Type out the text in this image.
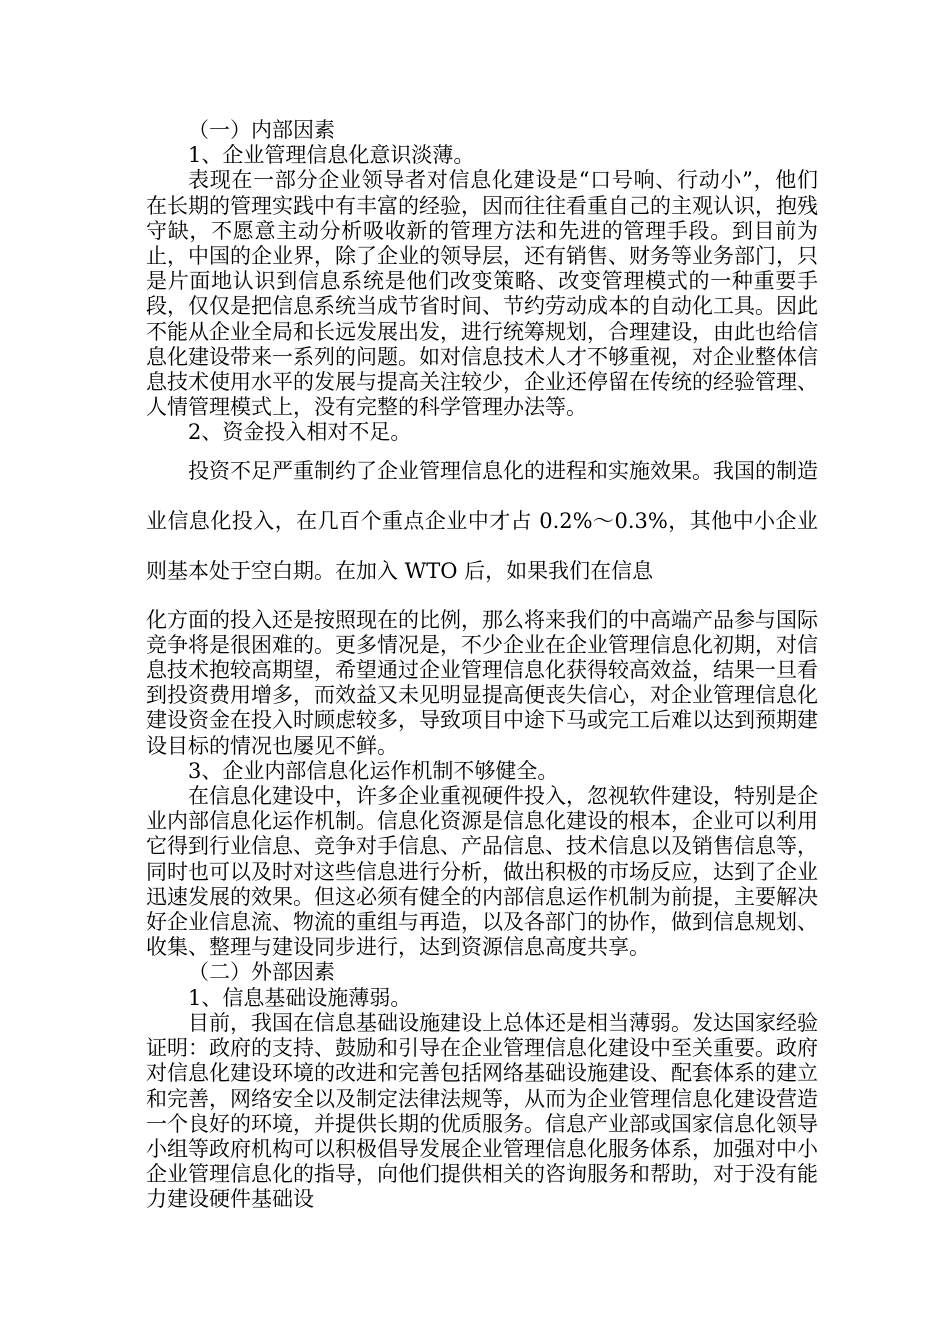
（一）内部因素

1、企业管理信息化意识淡薄。

表现在一部分企业领导者对信息化建设是“口号响、行动小”，他们在长期的管理实践中有丰富的经验，因而往往看重自己的主观认识，抱残守缺，不愿意主动分析吸收新的管理方法和先进的管理手段。到目前为止，中国的企业界，除了企业的领导层，还有销售、财务等业务部门，只是片面地认识到信息系统是他们改变策略、改变管理模式的一种重要手段，仅仅是把信息系统当成节省时间、节约劳动成本的自动化工具。因此不能从企业全局和长远发展出发，进行统筹规划，合理建设，由此也给信息化建设带来一系列的问题。如对信息技术人才不够重视，对企业整体信息技术使用水平的发展与提高关注较少，企业还停留在传统的经验管理、人情管理模式上，没有完整的科学管理办法等。

2、资金投入相对不足。

投资不足严重制约了企业管理信息化的进程和实施效果。我国的制造业信息化投入，在几百个重点企业中才占 0.2%～0.3%，其他中小企业则基本处于空白期。在加入 WTO 后，如果我们在信息

化方面的投入还是按照现在的比例，那么将来我们的中高端产品参与国际竞争将是很困难的。更多情况是，不少企业在企业管理信息化初期，对信息技术抱较高期望，希望通过企业管理信息化获得较高效益，结果一旦看到投资费用增多，而效益又未见明显提高便丧失信心，对企业管理信息化建设资金在投入时顾虑较多，导致项目中途下马或完工后难以达到预期建设目标的情况也屡见不鲜。

3、企业内部信息化运作机制不够健全。

在信息化建设中，许多企业重视硬件投入，忽视软件建设，特别是企业内部信息化运作机制。信息化资源是信息化建设的根本，企业可以利用它得到行业信息、竞争对手信息、产品信息、技术信息以及销售信息等，同时也可以及时对这些信息进行分析，做出积极的市场反应，达到了企业迅速发展的效果。但这必须有健全的内部信息运作机制为前提，主要解决好企业信息流、物流的重组与再造，以及各部门的协作，做到信息规划、收集、整理与建设同步进行，达到资源信息高度共享。

（二）外部因素

1、信息基础设施薄弱。

目前，我国在信息基础设施建设上总体还是相当薄弱。发达国家经验证明：政府的支持、鼓励和引导在企业管理信息化建设中至关重要。政府对信息化建设环境的改进和完善包括网络基础设施建设、配套体系的建立和完善，网络安全以及制定法律法规等，从而为企业管理信息化建设营造一个良好的环境，并提供长期的优质服务。信息产业部或国家信息化领导小组等政府机构可以积极倡导发展企业管理信息化服务体系，加强对中小企业管理信息化的指导，向他们提供相关的咨询服务和帮助，对于没有能力建设硬件基础设
